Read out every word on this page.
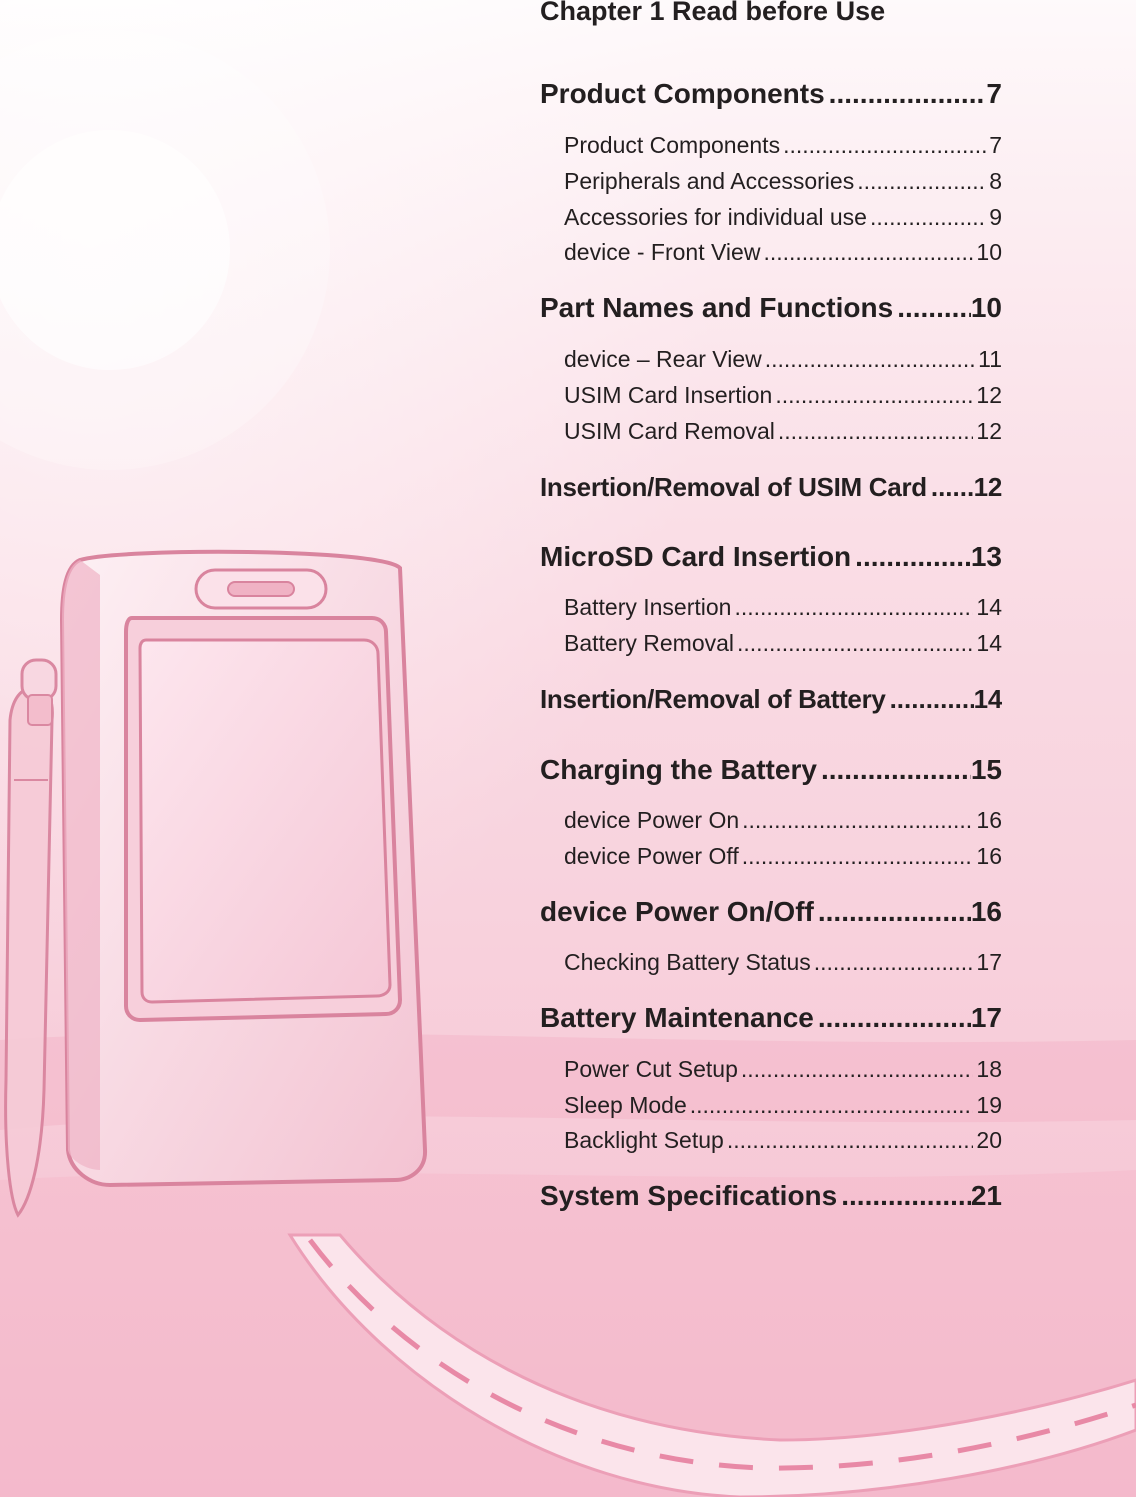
Chapter 1 Read before Use
Product Components .....	7
Product Components .....	7
Peripherals and Accessories .....	8
Accessories for individual use .....	9
device - Front View .....	10
Part Names and Functions .....	10
device – Rear View .....	11
USIM Card Insertion .....	12
USIM Card Removal .....	12
Insertion/Removal of USIM Card ..... 12
MicroSD Card Insertion .....	13
Battery Insertion .....	14
Battery Removal .....	14
Insertion/Removal of Battery .....	14
Charging the Battery .....	15
device Power On .....	16
device Power Off .....	16
device Power On/Off .....	16
Checking Battery Status .....	17
Battery Maintenance .....	17
Power Cut Setup .....	18
Sleep Mode .....	19
Backlight Setup .....	20
System Specifications .....	21
